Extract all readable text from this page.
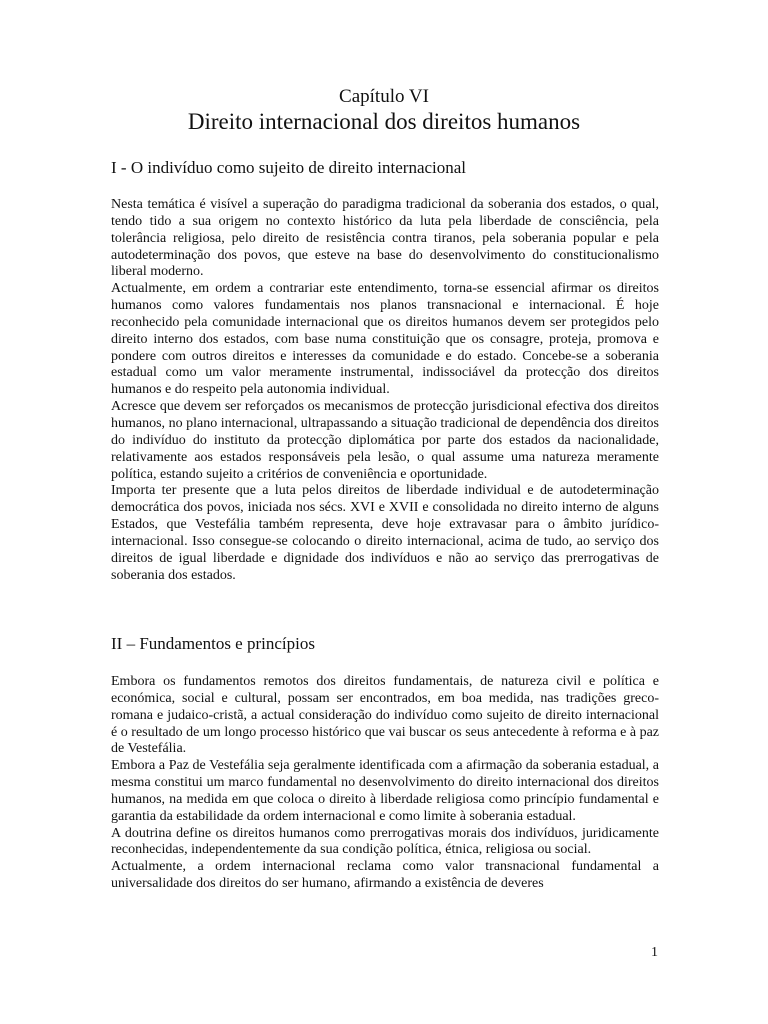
Capítulo VI
Direito internacional dos direitos humanos
I - O indivíduo como sujeito de direito internacional

Nesta temática é visível a superação do paradigma tradicional da soberania dos estados, o qual, tendo tido a sua origem no contexto histórico da luta pela liberdade de consciência, pela tolerância religiosa, pelo direito de resistência contra tiranos, pela soberania popular e pela autodeterminação dos povos, que esteve na base do desenvolvimento do constitucionalismo liberal moderno.

Actualmente, em ordem a contrariar este entendimento, torna-se essencial afirmar os direitos humanos como valores fundamentais nos planos transnacional e internacional. É hoje reconhecido pela comunidade internacional que os direitos humanos devem ser protegidos pelo direito interno dos estados, com base numa constituição que os consagre, proteja, promova e pondere com outros direitos e interesses da comunidade e do estado. Concebe-se a soberania estadual como um valor meramente instrumental, indissociável da protecção dos direitos humanos e do respeito pela autonomia individual.

Acresce que devem ser reforçados os mecanismos de protecção jurisdicional efectiva dos direitos humanos, no plano internacional, ultrapassando a situação tradicional de dependência dos direitos do indivíduo do instituto da protecção diplomática por parte dos estados da nacionalidade, relativamente aos estados responsáveis pela lesão, o qual assume uma natureza meramente política, estando sujeito a critérios de conveniência e oportunidade.

Importa ter presente que a luta pelos direitos de liberdade individual e de autodeterminação democrática dos povos, iniciada nos sécs. XVI e XVII e consolidada no direito interno de alguns Estados, que Vestefália também representa, deve hoje extravasar para o âmbito jurídico-internacional. Isso consegue-se colocando o direito internacional, acima de tudo, ao serviço dos direitos de igual liberdade e dignidade dos indivíduos e não ao serviço das prerrogativas de soberania dos estados.

II – Fundamentos e princípios

Embora os fundamentos remotos dos direitos fundamentais, de natureza civil e política e económica, social e cultural, possam ser encontrados, em boa medida, nas tradições greco-romana e judaico-cristã, a actual consideração do indivíduo como sujeito de direito internacional é o resultado de um longo processo histórico que vai buscar os seus antecedente à reforma e à paz de Vestefália.

Embora a Paz de Vestefália seja geralmente identificada com a afirmação da soberania estadual, a mesma constitui um marco fundamental no desenvolvimento do direito internacional dos direitos humanos, na medida em que coloca o direito à liberdade religiosa como princípio fundamental e garantia da estabilidade da ordem internacional e como limite à soberania estadual.

A doutrina define os direitos humanos como prerrogativas morais dos indivíduos, juridicamente reconhecidas, independentemente da sua condição política, étnica, religiosa ou social.

Actualmente, a ordem internacional reclama como valor transnacional fundamental a universalidade dos direitos do ser humano, afirmando a existência de deveres

1
